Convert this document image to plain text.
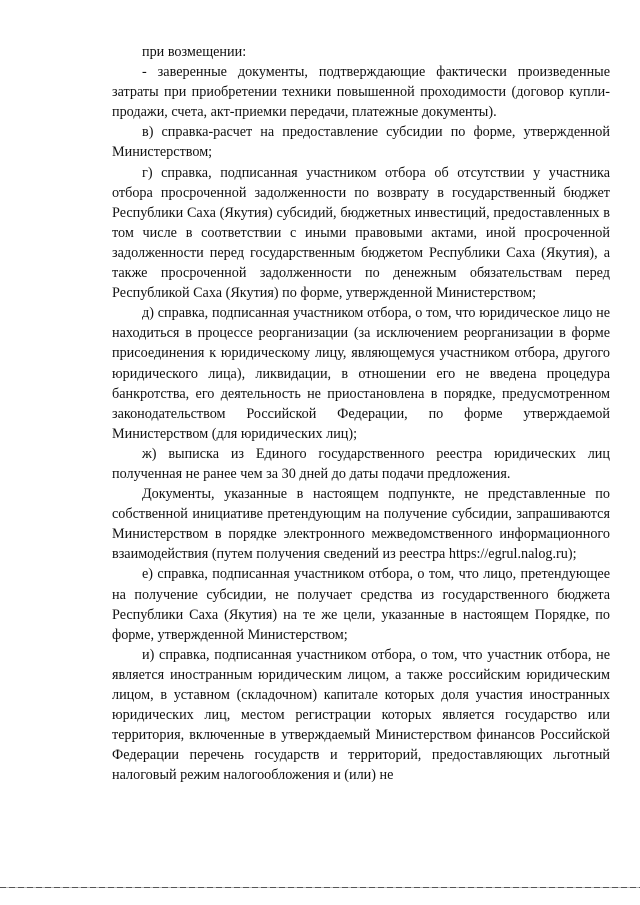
при возмещении:

- заверенные документы, подтверждающие фактически произведенные затраты при приобретении техники повышенной проходимости (договор купли-продажи, счета, акт-приемки передачи, платежные документы).

в) справка-расчет на предоставление субсидии по форме, утвержденной Министерством;

г) справка, подписанная участником отбора об отсутствии у участника отбора просроченной задолженности по возврату в государственный бюджет Республики Саха (Якутия) субсидий, бюджетных инвестиций, предоставленных в том числе в соответствии с иными правовыми актами, иной просроченной задолженности перед государственным бюджетом Республики Саха (Якутия), а также просроченной задолженности по денежным обязательствам перед Республикой Саха (Якутия) по форме, утвержденной Министерством;

д) справка, подписанная участником отбора, о том, что юридическое лицо не находиться в процессе реорганизации (за исключением реорганизации в форме присоединения к юридическому лицу, являющемуся участником отбора, другого юридического лица), ликвидации, в отношении его не введена процедура банкротства, его деятельность не приостановлена в порядке, предусмотренном законодательством Российской Федерации, по форме утверждаемой Министерством (для юридических лиц);

ж) выписка из Единого государственного реестра юридических лиц полученная не ранее чем за 30 дней до даты подачи предложения.

Документы, указанные в настоящем подпункте, не представленные по собственной инициативе претендующим на получение субсидии, запрашиваются Министерством в порядке электронного межведомственного информационного взаимодействия (путем получения сведений из реестра https://egrul.nalog.ru);

е) справка, подписанная участником отбора, о том, что лицо, претендующее на получение субсидии, не получает средства из государственного бюджета Республики Саха (Якутия) на те же цели, указанные в настоящем Порядке, по форме, утвержденной Министерством;

и) справка, подписанная участником отбора, о том, что участник отбора, не является иностранным юридическим лицом, а также российским юридическим лицом, в уставном (складочном) капитале которых доля участия иностранных юридических лиц, местом регистрации которых является государство или территория, включенные в утверждаемый Министерством финансов Российской Федерации перечень государств и территорий, предоставляющих льготный налоговый режим налогообложения и (или) не
